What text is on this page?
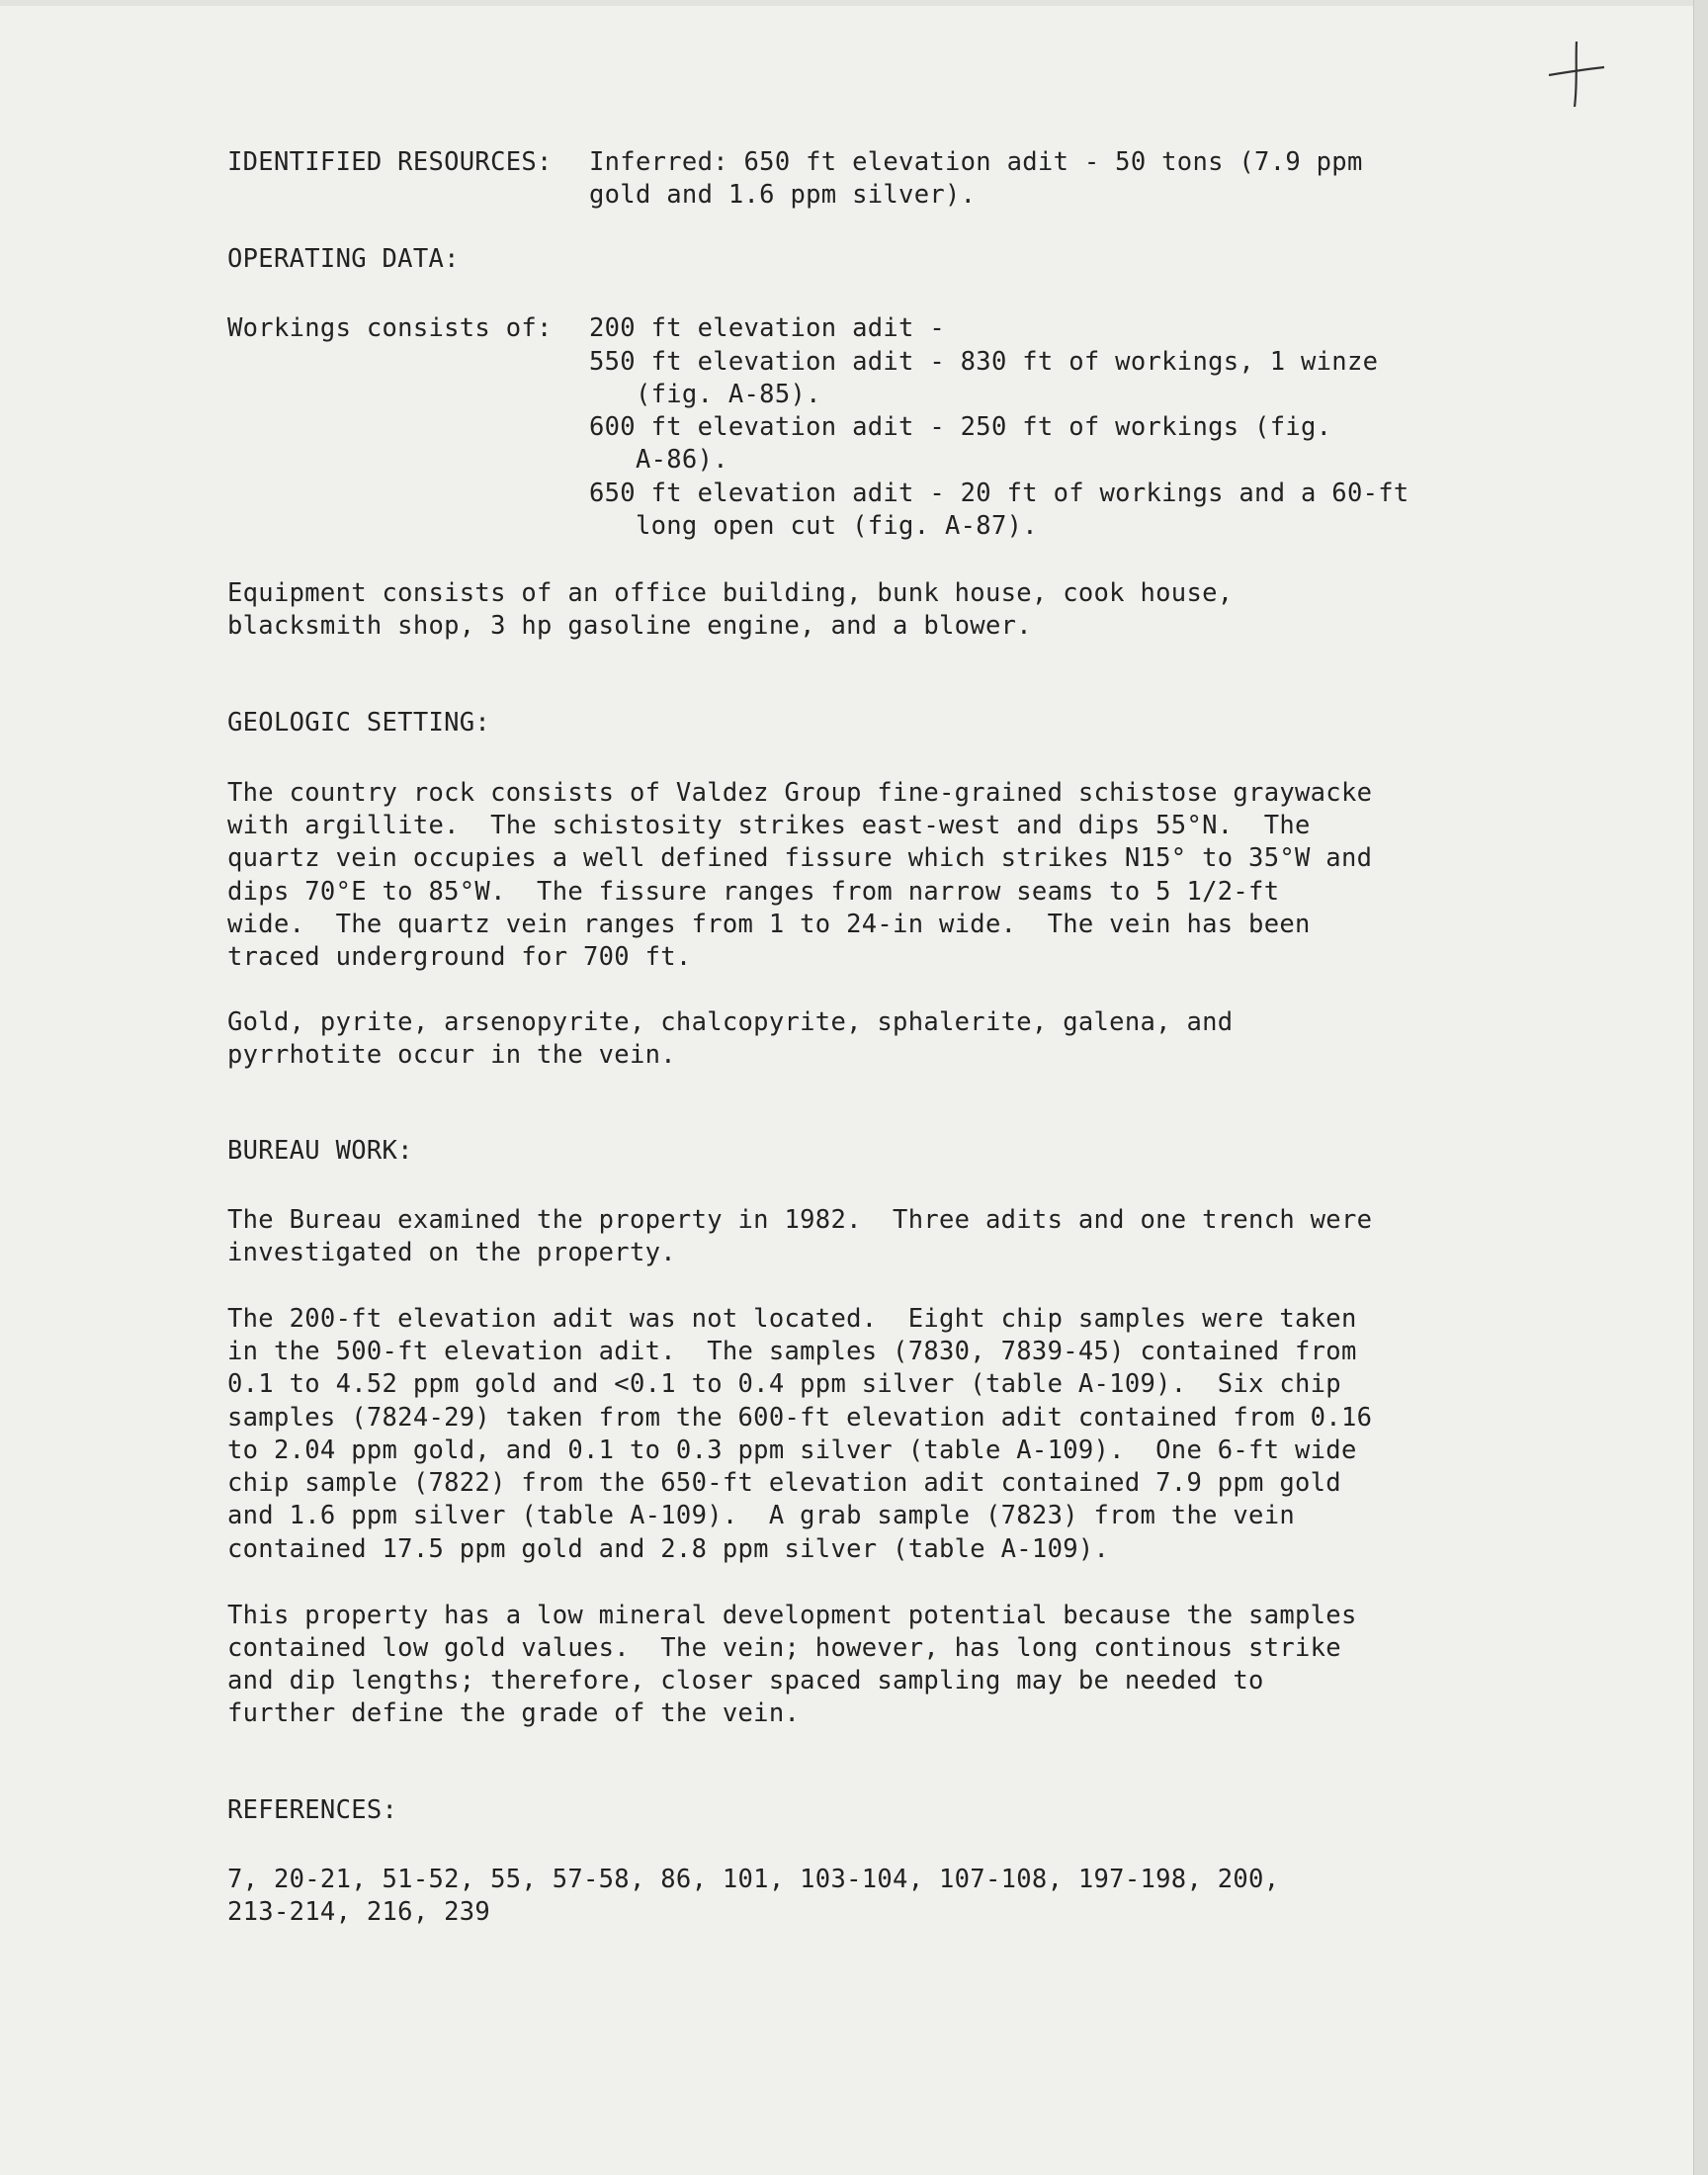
IDENTIFIED RESOURCES: Inferred: 650 ft elevation adit - 50 tons (7.9 ppm
gold and 1.6 ppm silver).
OPERATING DATA:
Workings consists of: 200 ft elevation adit -
550 ft elevation adit - 830 ft of workings, 1 winze
(fig. A-85).
600 ft elevation adit - 250 ft of workings (fig.
A-86).
650 ft elevation adit - 20 ft of workings and a 60-ft
long open cut (fig. A-87).
Equipment consists of an office building, bunk house, cook house,
blacksmith shop, 3 hp gasoline engine, and a blower.
GEOLOGIC SETTING:
The country rock consists of Valdez Group fine-grained schistose graywacke
with argillite.  The schistosity strikes east-west and dips 55°N.  The
quartz vein occupies a well defined fissure which strikes N15° to 35°W and
dips 70°E to 85°W.  The fissure ranges from narrow seams to 5 1/2-ft
wide.  The quartz vein ranges from 1 to 24-in wide.  The vein has been
traced underground for 700 ft.
Gold, pyrite, arsenopyrite, chalcopyrite, sphalerite, galena, and
pyrrhotite occur in the vein.
BUREAU WORK:
The Bureau examined the property in 1982.  Three adits and one trench were
investigated on the property.
The 200-ft elevation adit was not located.  Eight chip samples were taken
in the 500-ft elevation adit.  The samples (7830, 7839-45) contained from
0.1 to 4.52 ppm gold and <0.1 to 0.4 ppm silver (table A-109).  Six chip
samples (7824-29) taken from the 600-ft elevation adit contained from 0.16
to 2.04 ppm gold, and 0.1 to 0.3 ppm silver (table A-109).  One 6-ft wide
chip sample (7822) from the 650-ft elevation adit contained 7.9 ppm gold
and 1.6 ppm silver (table A-109).  A grab sample (7823) from the vein
contained 17.5 ppm gold and 2.8 ppm silver (table A-109).
This property has a low mineral development potential because the samples
contained low gold values.  The vein; however, has long continous strike
and dip lengths; therefore, closer spaced sampling may be needed to
further define the grade of the vein.
REFERENCES:
7, 20-21, 51-52, 55, 57-58, 86, 101, 103-104, 107-108, 197-198, 200,
213-214, 216, 239
